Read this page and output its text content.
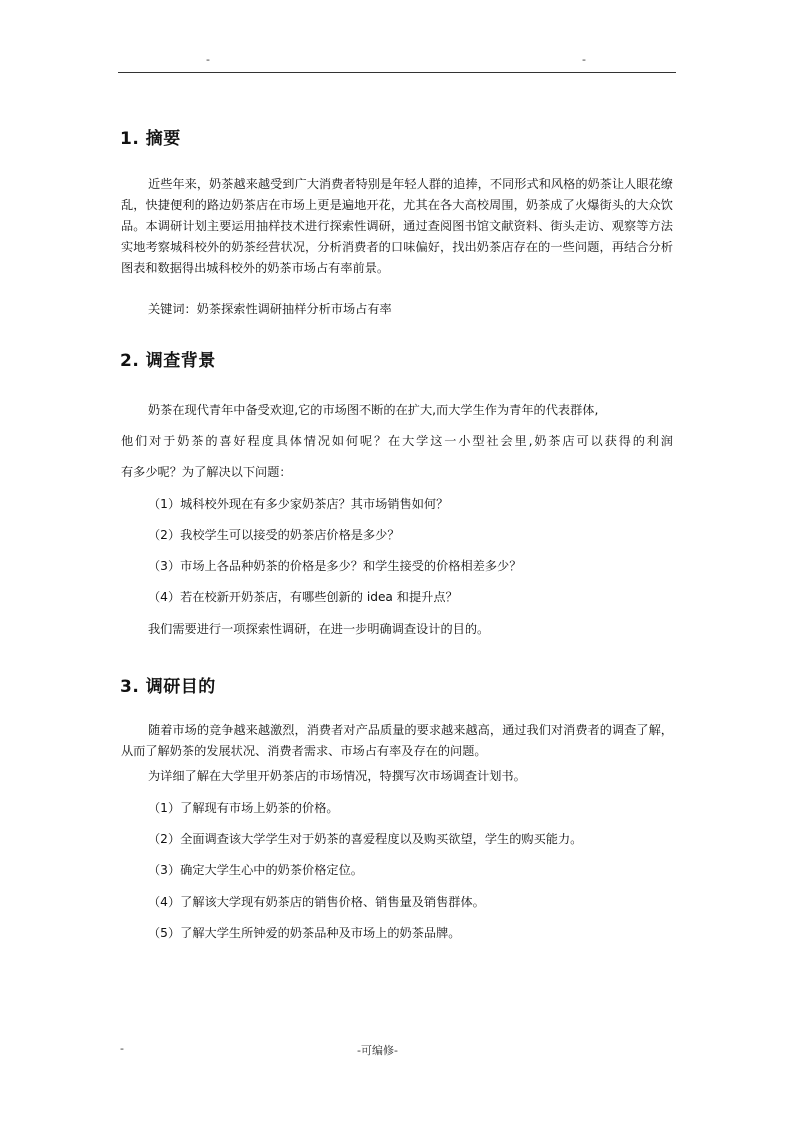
-	-
1. 摘要

近些年来，奶茶越来越受到广大消费者特别是年轻人群的追捧，不同形式和风格的奶茶让人眼花缭乱，快捷便利的路边奶茶店在市场上更是遍地开花，尤其在各大高校周围，奶茶成了火爆街头的大众饮品。本调研计划主要运用抽样技术进行探索性调研，通过查阅图书馆文献资料、街头走访、观察等方法实地考察城科校外的奶茶经营状况，分析消费者的口味偏好，找出奶茶店存在的一些问题，再结合分析图表和数据得出城科校外的奶茶市场占有率前景。

关键词：奶茶探索性调研抽样分析市场占有率
2. 调查背景
奶茶在现代青年中备受欢迎,它的市场图不断的在扩大,而大学生作为青年的代表群体,
他们对于奶茶的喜好程度具体情况如何呢？在大学这一小型社会里,奶茶店可以获得的利润
有多少呢？为了解决以下问题：
（1）城科校外现在有多少家奶茶店？其市场销售如何？
（2）我校学生可以接受的奶茶店价格是多少？
（3）市场上各品种奶茶的价格是多少？和学生接受的价格相差多少？
（4）若在校新开奶茶店，有哪些创新的 idea 和提升点？
我们需要进行一项探索性调研，在进一步明确调查设计的目的。
3. 调研目的

随着市场的竞争越来越激烈，消费者对产品质量的要求越来越高，通过我们对消费者的调查了解，从而了解奶茶的发展状况、消费者需求、市场占有率及存在的问题。

为详细了解在大学里开奶茶店的市场情况，特撰写次市场调查计划书。
（1）了解现有市场上奶茶的价格。
（2）全面调查该大学学生对于奶茶的喜爱程度以及购买欲望，学生的购买能力。
（3）确定大学生心中的奶茶价格定位。
（4）了解该大学现有奶茶店的销售价格、销售量及销售群体。
（5）了解大学生所钟爱的奶茶品种及市场上的奶茶品牌。
-	-可编修-
